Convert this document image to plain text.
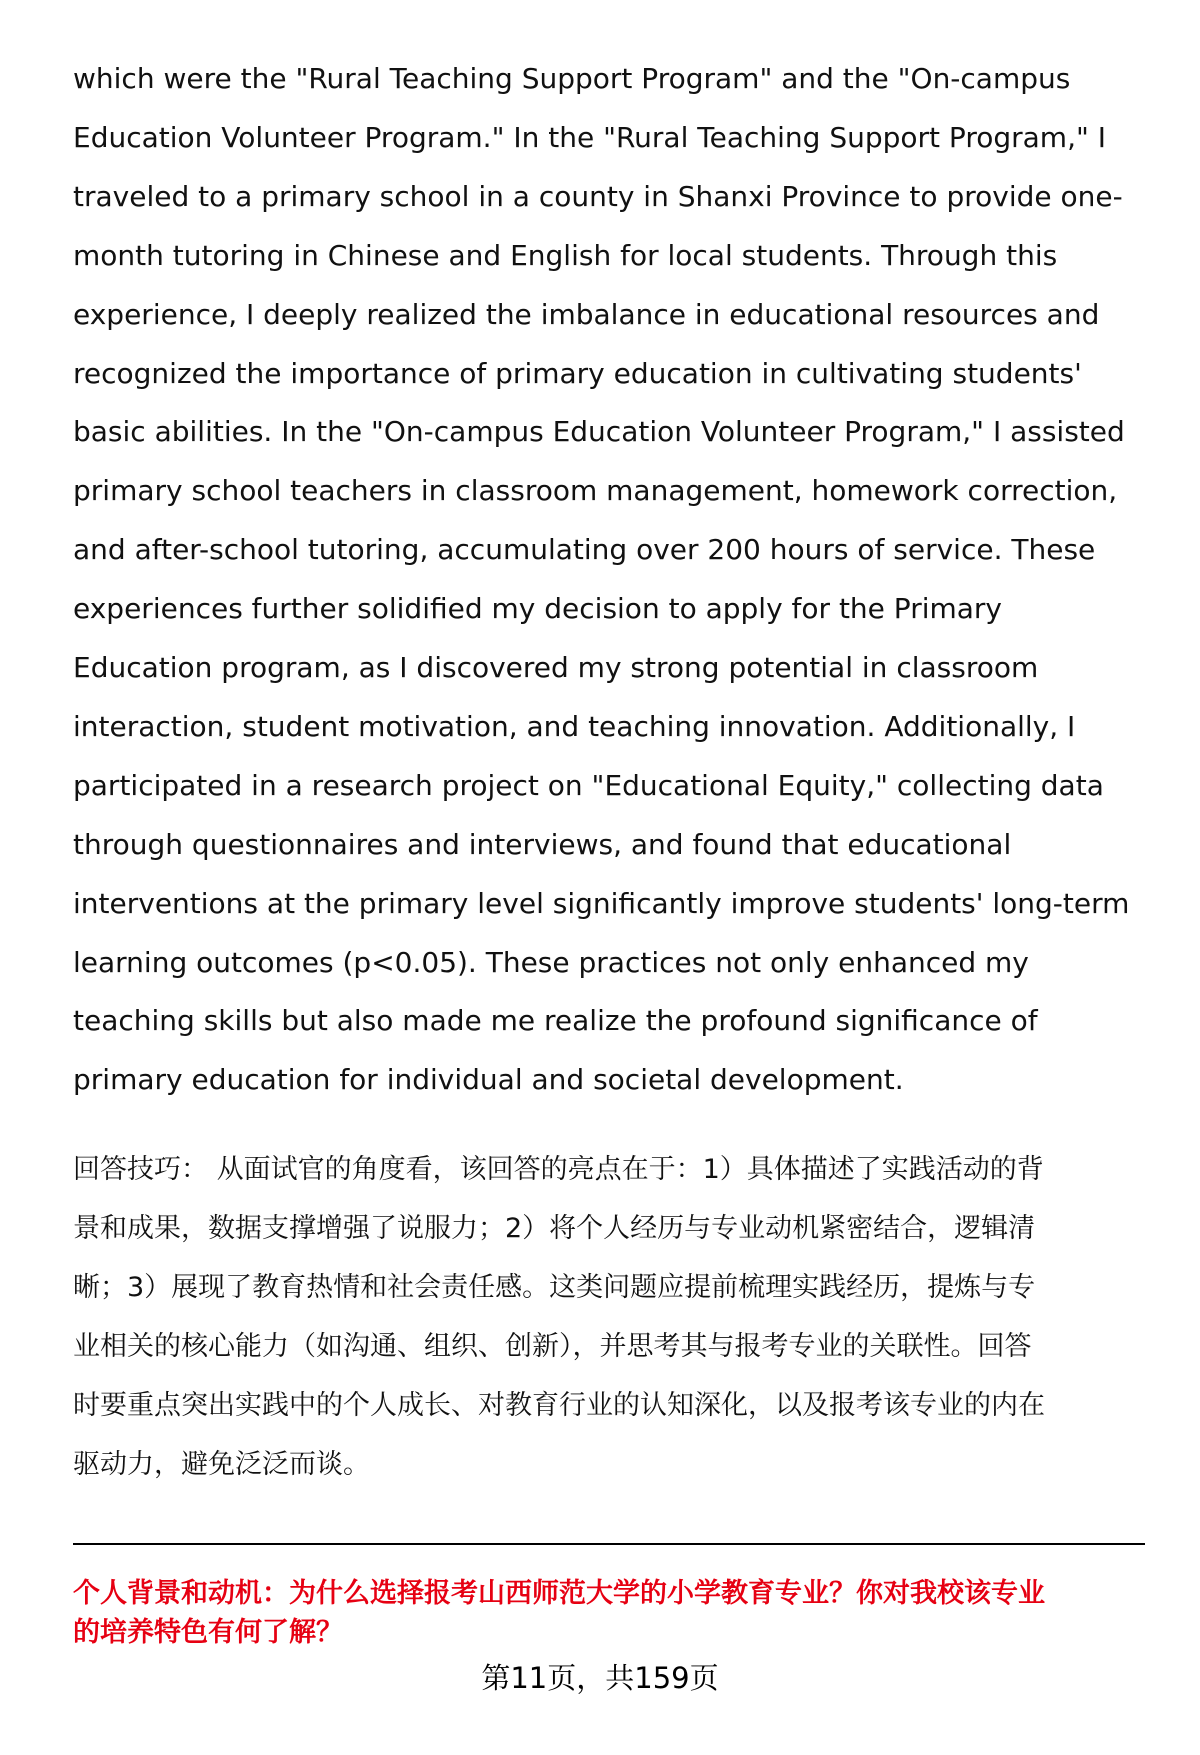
which were the "Rural Teaching Support Program" and the "On-campus
Education Volunteer Program." In the "Rural Teaching Support Program," I
traveled to a primary school in a county in Shanxi Province to provide one-
month tutoring in Chinese and English for local students. Through this
experience, I deeply realized the imbalance in educational resources and
recognized the importance of primary education in cultivating students'
basic abilities. In the "On-campus Education Volunteer Program," I assisted
primary school teachers in classroom management, homework correction,
and after-school tutoring, accumulating over 200 hours of service. These
experiences further solidified my decision to apply for the Primary
Education program, as I discovered my strong potential in classroom
interaction, student motivation, and teaching innovation. Additionally, I
participated in a research project on "Educational Equity," collecting data
through questionnaires and interviews, and found that educational
interventions at the primary level significantly improve students' long-term
learning outcomes (p<0.05). These practices not only enhanced my
teaching skills but also made me realize the profound significance of
primary education for individual and societal development.
回答技巧： 从面试官的角度看，该回答的亮点在于：1）具体描述了实践活动的背
景和成果，数据支撑增强了说服力；2）将个人经历与专业动机紧密结合，逻辑清
晰；3）展现了教育热情和社会责任感。这类问题应提前梳理实践经历，提炼与专
业相关的核心能力（如沟通、组织、创新），并思考其与报考专业的关联性。回答
时要重点突出实践中的个人成长、对教育行业的认知深化，以及报考该专业的内在
驱动力，避免泛泛而谈。
个人背景和动机：为什么选择报考山西师范大学的小学教育专业？你对我校该专业
的培养特色有何了解？
第11页，共159页
